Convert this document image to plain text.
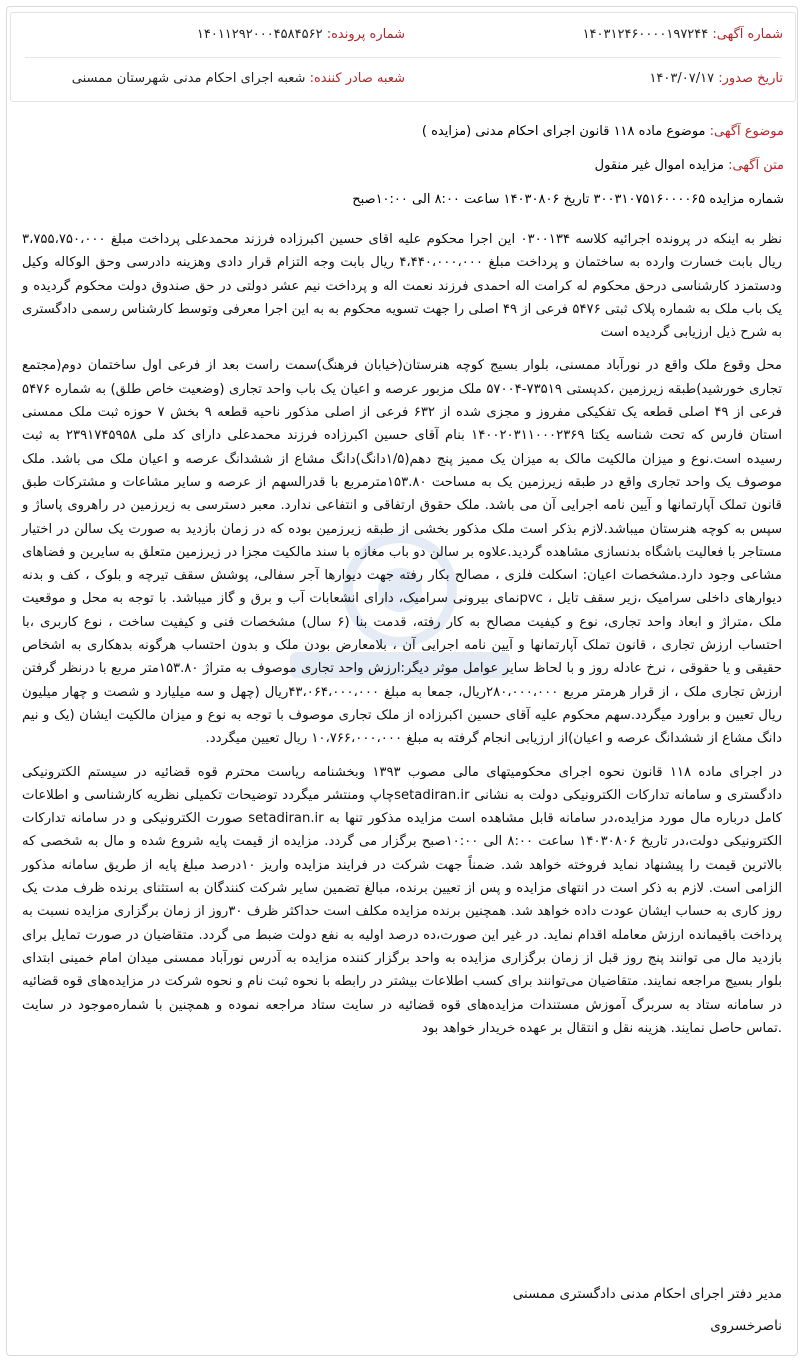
شماره آگهی: ۱۴۰۳۱۲۴۶۰۰۰۰۱۹۷۲۴۴
شماره پرونده: ۱۴۰۱۱۲۹۲۰۰۰۴۵۸۴۵۶۲
تاریخ صدور: ۱۴۰۳/۰۷/۱۷
شعبه صادر کننده: شعبه اجرای احکام مدنی شهرستان ممسنی
موضوع آگهی: موضوع ماده ۱۱۸ قانون اجرای احکام مدنی (مزایده )
متن آگهی: مزایده اموال غیر منقول
شماره مزایده ۳۰۰۳۱۰۷۵۱۶۰۰۰۰۶۵ تاریخ ۱۴۰۳۰۸۰۶ ساعت ۸:۰۰ الی ۱۰:۰۰صبح

نظر به اینکه در پرونده اجرائیه کلاسه ۰۳۰۰۱۳۴ این اجرا محکوم علیه اقای حسین اکبرزاده فرزند محمدعلی پرداخت مبلغ ۳،۷۵۵،۷۵۰،۰۰۰ ریال بابت خسارت وارده به ساختمان و پرداخت مبلغ ۴،۴۴۰،۰۰۰،۰۰۰ ریال بابت وجه التزام قرار دادی وهزینه دادرسی وحق الوکاله وکیل ودستمزد کارشناسی درحق محکوم له کرامت اله احمدی فرزند نعمت اله و پرداخت نیم عشر دولتی در حق صندوق دولت محکوم گردیده و یک باب ملک به شماره پلاک ثبتی ۵۴۷۶ فرعی از ۴۹ اصلی را جهت تسویه محکوم به به این اجرا معرفی وتوسط کارشناس رسمی دادگستری به شرح ذیل ارزیابی گردیده است

محل وقوع ملک واقع در نورآباد ممسنی، بلوار بسیج کوچه هنرستان(خیابان فرهنگ)سمت راست بعد از فرعی اول ساختمان دوم(مجتمع تجاری خورشید)طبقه زیرزمین ،کدپستی ۷۳۵۱۹-۵۷۰۰۴ ملک مزبور عرصه و اعیان یک باب واحد تجاری (وضعیت خاص طلق) به شماره ۵۴۷۶ فرعی از ۴۹ اصلی قطعه یک تفکیکی مفروز و مجزی شده از ۶۳۲ فرعی از اصلی مذکور ناحیه قطعه ۹ بخش ۷ حوزه ثبت ملک ممسنی استان فارس که تحت شناسه یکتا ۱۴۰۰۲۰۳۱۱۰۰۰۲۳۶۹ بنام آقای حسین اکبرزاده فرزند محمدعلی دارای کد ملی ۲۳۹۱۷۴۵۹۵۸ به ثبت رسیده است.نوع و میزان مالکیت مالک به میزان یک ممیز پنج دهم(۱/۵دانگ)دانگ مشاع از ششدانگ عرصه و اعیان ملک می باشد. ملک موصوف یک واحد تجاری واقع در طبقه زیرزمین یک به مساحت ۱۵۳.۸۰مترمربع با قدرالسهم از عرصه و سایر مشاعات و مشترکات طبق قانون تملک آپارتمانها و آیین نامه اجرایی آن می باشد. ملک حقوق ارتفاقی و انتفاعی ندارد. معبر دسترسی به زیرزمین در راهروی پاساژ و سپس به کوچه هنرستان میباشد.لازم بذکر است ملک مذکور بخشی از طبقه زیرزمین بوده که در زمان بازدید به صورت یک سالن در اختیار مستاجر با فعالیت باشگاه بدنسازی مشاهده گردید.علاوه بر سالن دو باب مغازه با سند مالکیت مجزا در زیرزمین متعلق به سایرین و فضاهای مشاعی وجود دارد.مشخصات اعیان: اسکلت فلزی ، مصالح بکار رفته جهت دیوارها آجر سفالی، پوشش سقف تیرچه و بلوک ، کف و بدنه دیوارهای داخلی سرامیک ،زیر سقف تایل ، pvcنمای بیرونی سرامیک، دارای انشعابات آب و برق و گاز میباشد. با توجه به محل و موقعیت ملک ،متراژ و ابعاد واحد تجاری، نوع و کیفیت مصالح به کار رفته، قدمت بنا (۶ سال) مشخصات فنی و کیفیت ساخت ، نوع کاربری ،با احتساب ارزش تجاری ، قانون تملک آپارتمانها و آیین نامه اجرایی آن ، بلامعارض بودن ملک و بدون احتساب هرگونه بدهکاری به اشخاص حقیقی و یا حقوقی ، نرخ عادله روز و با لحاظ سایر عوامل موثر دیگر:ارزش واحد تجاری موصوف به متراژ ۱۵۳.۸۰متر مربع با درنظر گرفتن ارزش تجاری ملک ، از قرار هرمتر مربع ۲۸۰،۰۰۰،۰۰۰ریال، جمعا به مبلغ ۴۳،۰۶۴،۰۰۰،۰۰۰ریال (چهل و سه میلیارد و شصت و چهار میلیون ریال تعیین و براورد میگردد.سهم محکوم علیه آقای حسین اکبرزاده از ملک تجاری موصوف با توجه به نوع و میزان مالکیت ایشان (یک و نیم دانگ مشاع از ششدانگ عرصه و اعیان)از ارزیابی انجام گرفته به مبلغ ۱۰،۷۶۶،۰۰۰،۰۰۰ ریال تعیین میگردد.

در اجرای ماده ۱۱۸ قانون نحوه اجرای محکومیتهای مالی مصوب ۱۳۹۳ وبخشنامه ریاست محترم قوه قضائیه در سیستم الکترونیکی دادگستری و سامانه تدارکات الکترونیکی دولت به نشانی setadiran.irچاپ ومنتشر میگردد توضیحات تکمیلی نظریه کارشناسی و اطلاعات کامل درباره مال مورد مزایده،در سامانه قابل مشاهده است مزایده مذکور تنها به setadiran.ir صورت الکترونیکی و در سامانه تدارکات الکترونیکی دولت،در تاریخ ۱۴۰۳۰۸۰۶ ساعت ۸:۰۰ الی ۱۰:۰۰صبح برگزار می گردد. مزایده از قیمت پایه شروع شده و مال به شخصی که بالاترین قیمت را پیشنهاد نماید فروخته خواهد شد. ضمناً جهت شرکت در فرایند مزایده واریز ۱۰درصد مبلغ پایه از طریق سامانه مذکور الزامی است. لازم به ذکر است در انتهای مزایده و پس از تعیین برنده، مبالغ تضمین سایر شرکت کنندگان به استثنای برنده ظرف مدت یک روز کاری به حساب ایشان عودت داده خواهد شد. همچنین برنده مزایده مکلف است حداکثر ظرف ۳۰روز از زمان برگزاری مزایده نسبت به پرداخت باقیمانده ارزش معامله اقدام نماید. در غیر این صورت،ده درصد اولیه به نفع دولت ضبط می گردد. متقاضیان در صورت تمایل برای بازدید مال می توانند پنج روز قبل از زمان برگزاری مزایده به واحد برگزار کننده مزایده به آدرس نورآباد ممسنی میدان امام خمینی ابتدای بلوار بسیج مراجعه نمایند. متقاضیان می‌توانند برای کسب اطلاعات بیشتر در رابطه با نحوه ثبت نام و نحوه شرکت در مزایده‌های قوه قضائیه در سامانه ستاد به سربرگ آموزش مستندات مزایده‌های قوه قضائیه در سایت ستاد مراجعه نموده و همچنین با شماره‌موجود در سایت .تماس حاصل نمایند. هزینه نقل و انتقال بر عهده خریدار خواهد بود

مدیر دفتر اجرای احکام مدنی دادگستری ممسنی
ناصرخسروی
